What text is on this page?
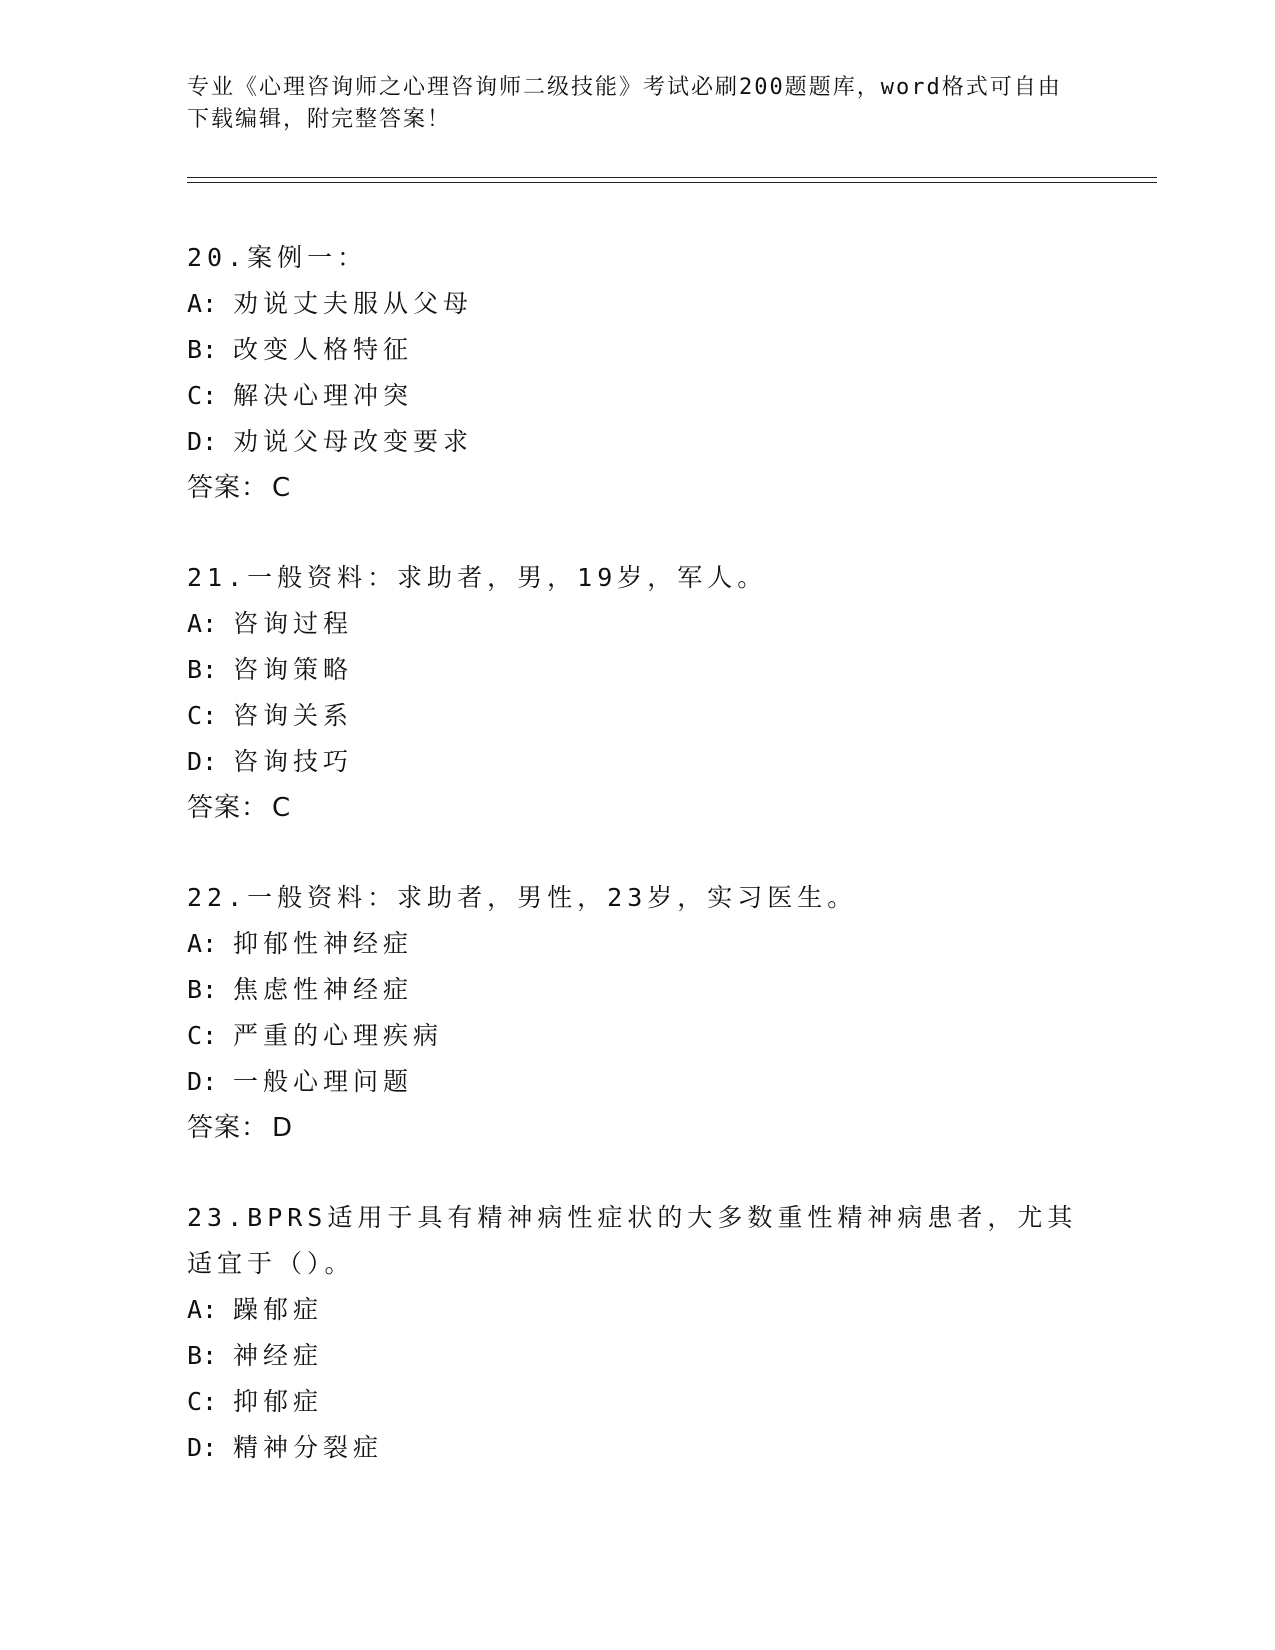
专业《心理咨询师之心理咨询师二级技能》考试必刷200题题库，word格式可自由下载编辑，附完整答案！
20.案例一：
A: 劝说丈夫服从父母
B: 改变人格特征
C: 解决心理冲突
D: 劝说父母改变要求
答案： C
21.一般资料：求助者，男，19岁，军人。
A: 咨询过程
B: 咨询策略
C: 咨询关系
D: 咨询技巧
答案： C
22.一般资料：求助者，男性，23岁，实习医生。
A: 抑郁性神经症
B: 焦虑性神经症
C: 严重的心理疾病
D: 一般心理问题
答案： D
23.BPRS适用于具有精神病性症状的大多数重性精神病患者，尤其适宜于（）。
A: 躁郁症
B: 神经症
C: 抑郁症
D: 精神分裂症
